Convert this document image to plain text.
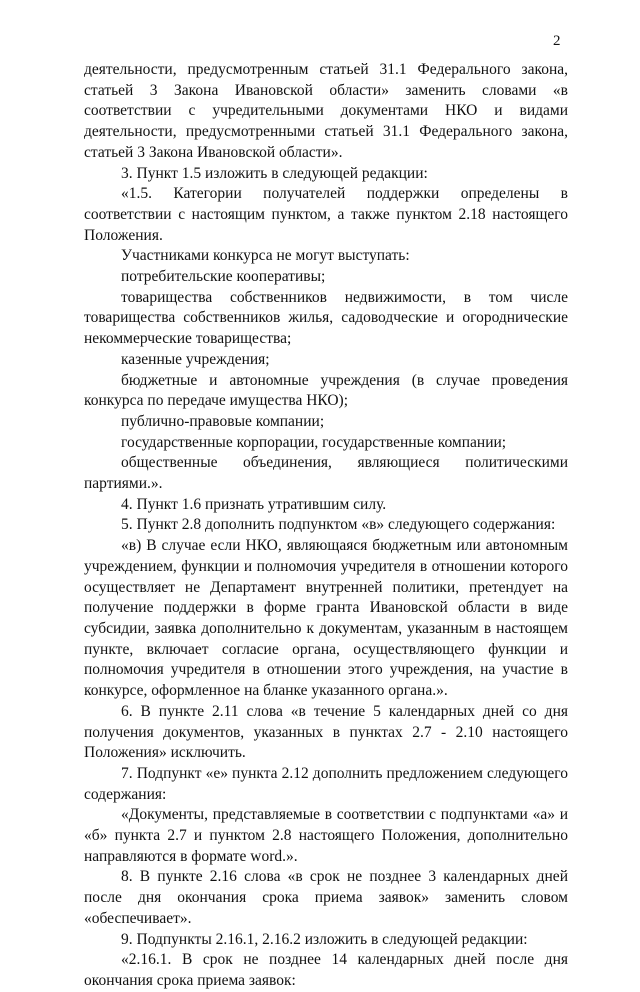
2

деятельности, предусмотренным статьей 31.1 Федерального закона, статьей 3 Закона Ивановской области» заменить словами «в соответствии с учредительными документами НКО и видами деятельности, предусмотренными статьей 31.1 Федерального закона, статьей 3 Закона Ивановской области».

3. Пункт 1.5 изложить в следующей редакции:

«1.5. Категории получателей поддержки определены в соответствии с настоящим пунктом, а также пунктом 2.18 настоящего Положения.

Участниками конкурса не могут выступать:

потребительские кооперативы;

товарищества собственников недвижимости, в том числе товарищества собственников жилья, садоводческие и огороднические некоммерческие товарищества;

казенные учреждения;

бюджетные и автономные учреждения (в случае проведения конкурса по передаче имущества НКО);

публично-правовые компании;

государственные корпорации, государственные компании;

общественные объединения, являющиеся политическими партиями.».

4. Пункт 1.6 признать утратившим силу.

5. Пункт 2.8 дополнить подпунктом «в» следующего содержания:

«в) В случае если НКО, являющаяся бюджетным или автономным учреждением, функции и полномочия учредителя в отношении которого осуществляет не Департамент внутренней политики, претендует на получение поддержки в форме гранта Ивановской области в виде субсидии, заявка дополнительно к документам, указанным в настоящем пункте, включает согласие органа, осуществляющего функции и полномочия учредителя в отношении этого учреждения, на участие в конкурсе, оформленное на бланке указанного органа.».

6. В пункте 2.11 слова «в течение 5 календарных дней со дня получения документов, указанных в пунктах 2.7 - 2.10 настоящего Положения» исключить.

7. Подпункт «е» пункта 2.12 дополнить предложением следующего содержания:

«Документы, представляемые в соответствии с подпунктами «а» и «б» пункта 2.7 и пунктом 2.8 настоящего Положения, дополнительно направляются в формате word.».

8. В пункте 2.16 слова «в срок не позднее 3 календарных дней после дня окончания срока приема заявок» заменить словом «обеспечивает».

9. Подпункты 2.16.1, 2.16.2 изложить в следующей редакции:

«2.16.1. В срок не позднее 14 календарных дней после дня окончания срока приема заявок:
